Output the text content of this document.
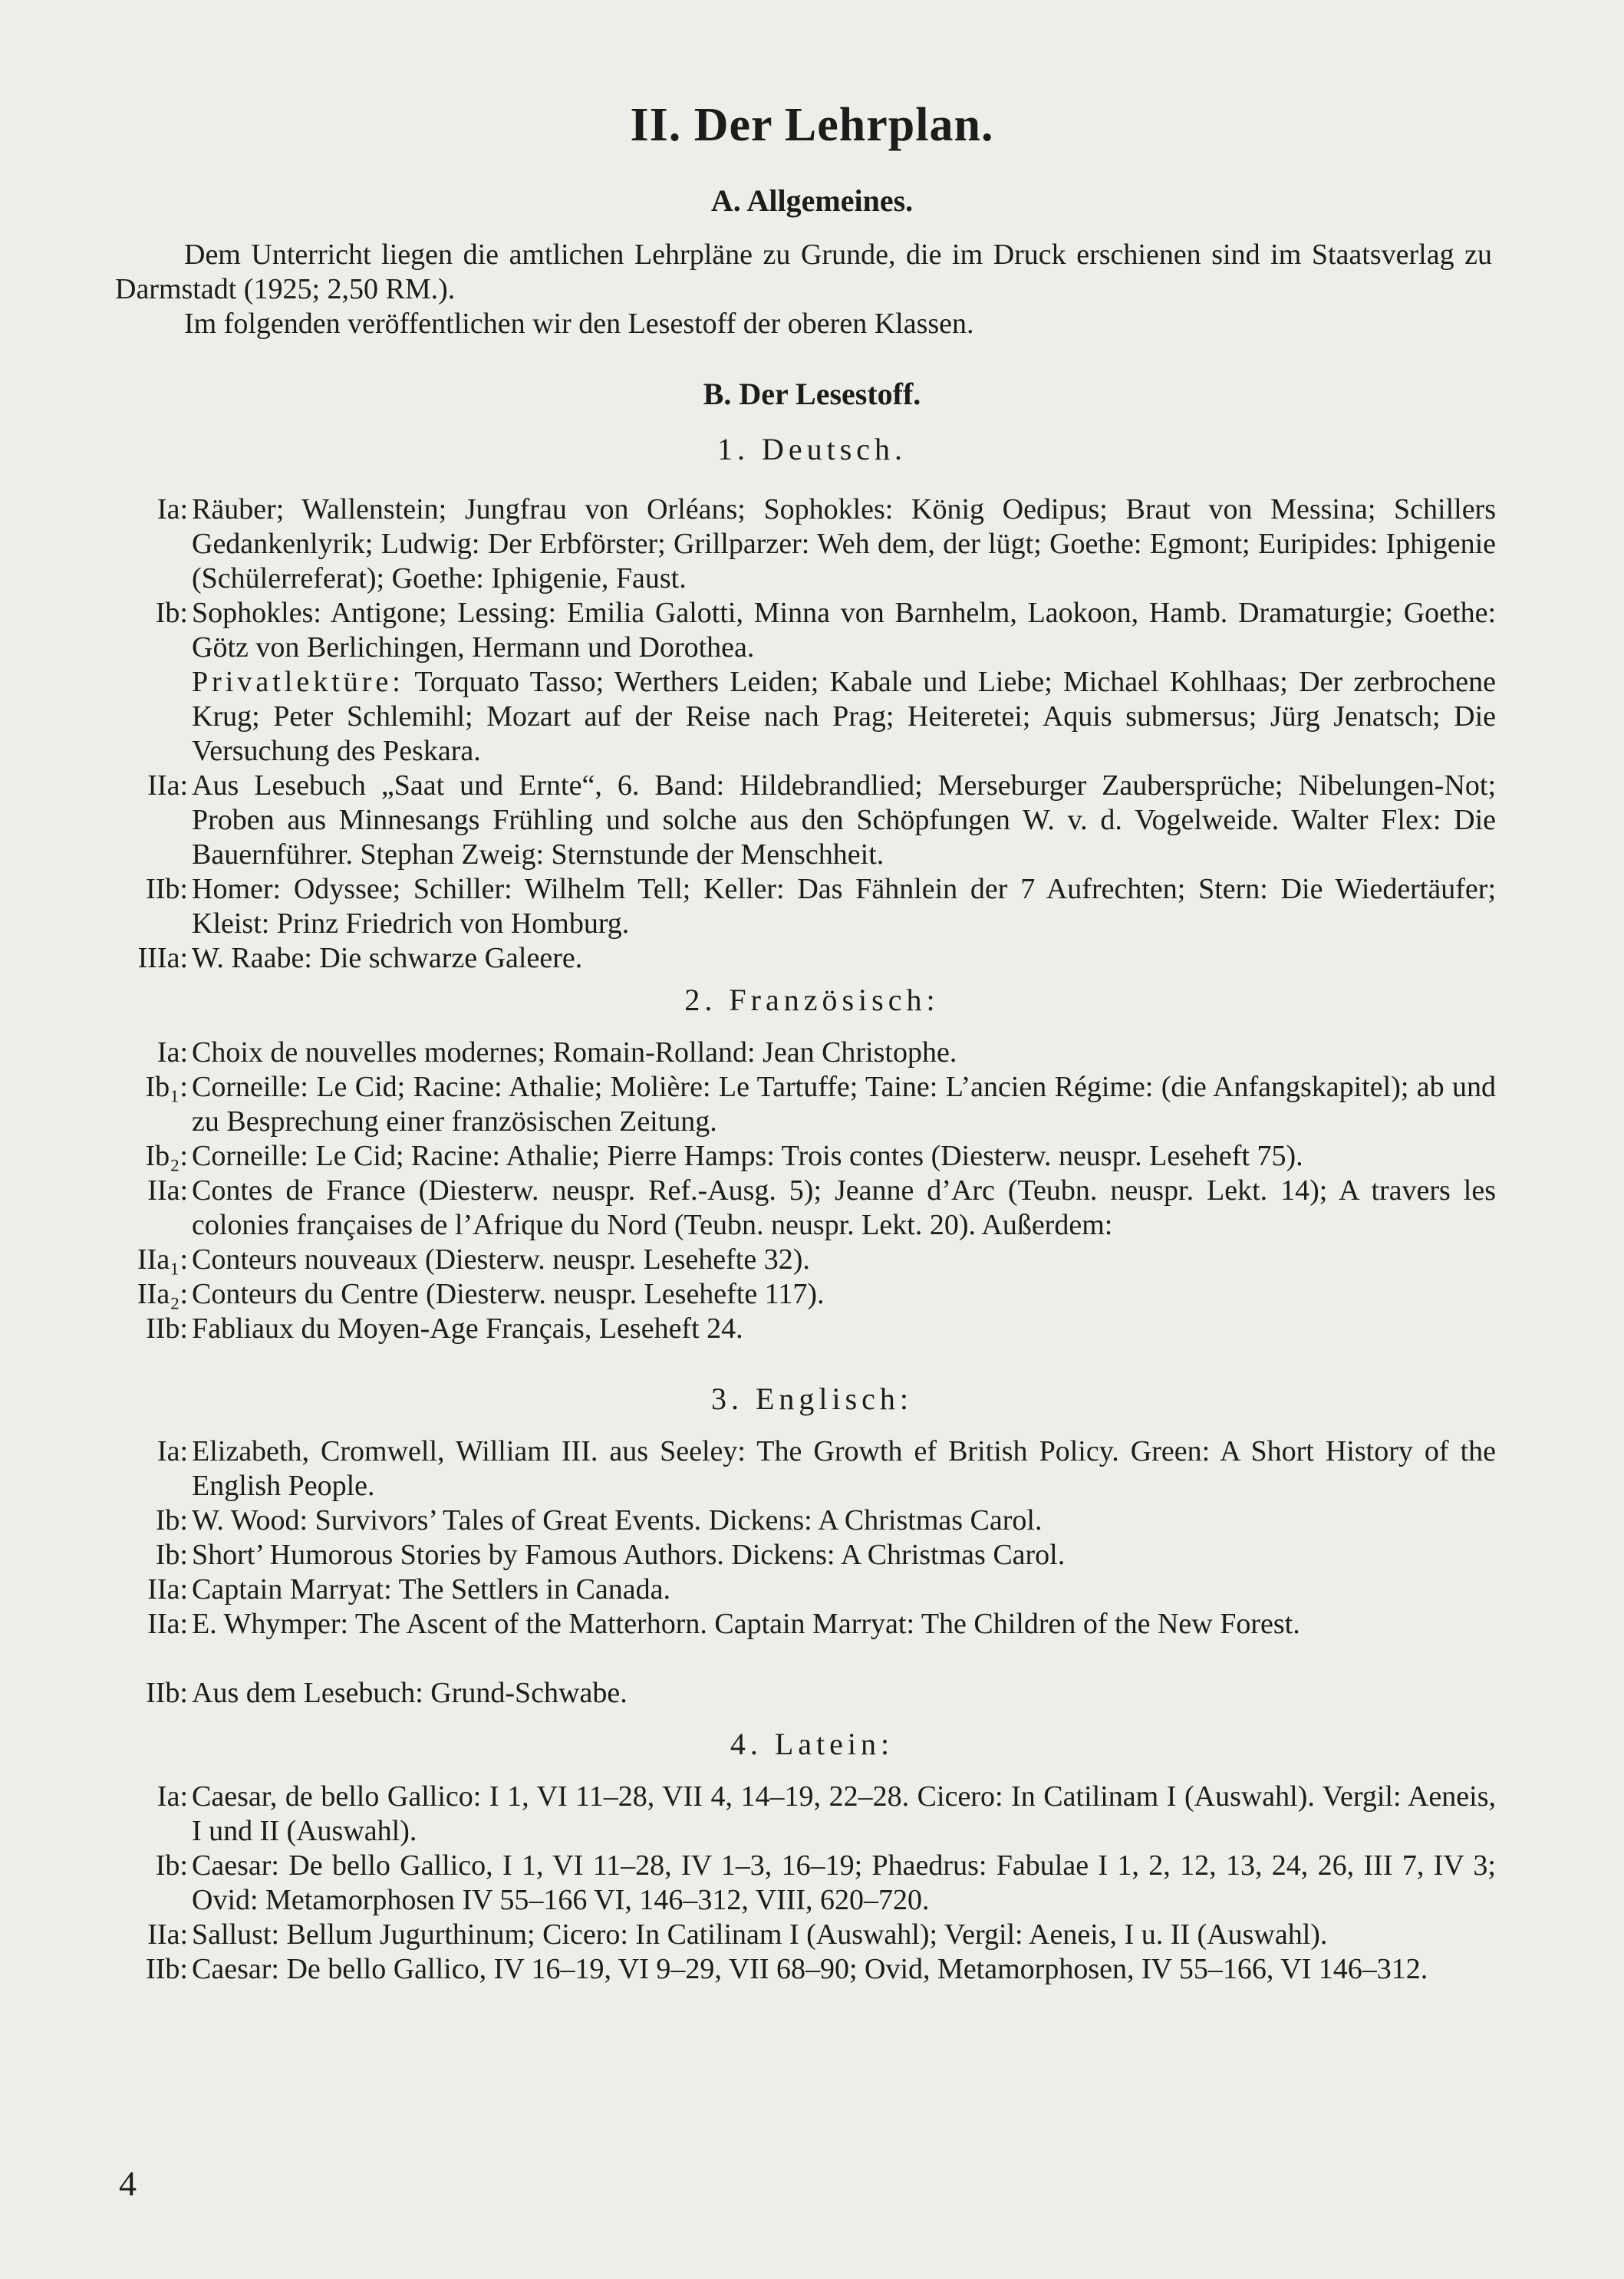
II. Der Lehrplan.
A. Allgemeines.
Dem Unterricht liegen die amtlichen Lehrpläne zu Grunde, die im Druck erschienen sind im Staatsverlag zu Darmstadt (1925; 2,50 RM.).
Im folgenden veröffentlichen wir den Lesestoff der oberen Klassen.
B. Der Lesestoff.
1. Deutsch.
Ia: Räuber; Wallenstein; Jungfrau von Orléans; Sophokles: König Oedipus; Braut von Messina; Schillers Gedankenlyrik; Ludwig: Der Erbförster; Grillparzer: Weh dem, der lügt; Goethe: Egmont; Euripides: Iphigenie (Schülerreferat); Goethe: Iphigenie, Faust.
Ib: Sophokles: Antigone; Lessing: Emilia Galotti, Minna von Barnhelm, Laokoon, Hamb. Dramaturgie; Goethe: Götz von Berlichingen, Hermann und Dorothea.
Privatlektüre: Torquato Tasso; Werthers Leiden; Kabale und Liebe; Michael Kohlhaas; Der zerbrochene Krug; Peter Schlemihl; Mozart auf der Reise nach Prag; Heiteretei; Aquis submersus; Jürg Jenatsch; Die Versuchung des Peskara.
IIa: Aus Lesebuch „Saat und Ernte“, 6. Band: Hildebrandlied; Merseburger Zaubersprüche; Nibelungen-Not; Proben aus Minnesangs Frühling und solche aus den Schöpfungen W. v. d. Vogelweide. Walter Flex: Die Bauernführer. Stephan Zweig: Sternstunde der Menschheit.
IIb: Homer: Odyssee; Schiller: Wilhelm Tell; Keller: Das Fähnlein der 7 Aufrechten; Stern: Die Wiedertäufer; Kleist: Prinz Friedrich von Homburg.
IIIa: W. Raabe: Die schwarze Galeere.
2. Französisch:
Ia: Choix de nouvelles modernes; Romain-Rolland: Jean Christophe.
Ib₁: Corneille: Le Cid; Racine: Athalie; Molière: Le Tartuffe; Taine: L’ancien Régime: (die Anfangskapitel); ab und zu Besprechung einer französischen Zeitung.
Ib₂: Corneille: Le Cid; Racine: Athalie; Pierre Hamps: Trois contes (Diesterw. neuspr. Leseheft 75).
IIa: Contes de France (Diesterw. neuspr. Ref.-Ausg. 5); Jeanne d’Arc (Teubn. neuspr. Lekt. 14); A travers les colonies françaises de l’Afrique du Nord (Teubn. neuspr. Lekt. 20). Außerdem:
IIa₁: Conteurs nouveaux (Diesterw. neuspr. Lesehefte 32).
IIa₂: Conteurs du Centre (Diesterw. neuspr. Lesehefte 117).
IIb: Fabliaux du Moyen-Age Français, Leseheft 24.
3. Englisch:
Ia: Elizabeth, Cromwell, William III. aus Seeley: The Growth ef British Policy. Green: A Short History of the English People.
Ib: W. Wood: Survivors’ Tales of Great Events. Dickens: A Christmas Carol.
Ib: Short’ Humorous Stories by Famous Authors. Dickens: A Christmas Carol.
IIa: Captain Marryat: The Settlers in Canada.
IIa: E. Whymper: The Ascent of the Matterhorn. Captain Marryat: The Children of the New Forest.
IIb: Aus dem Lesebuch: Grund-Schwabe.
4. Latein:
Ia: Caesar, de bello Gallico: I 1, VI 11–28, VII 4, 14–19, 22–28. Cicero: In Catilinam I (Auswahl). Vergil: Aeneis, I und II (Auswahl).
Ib: Caesar: De bello Gallico, I 1, VI 11–28, IV 1–3, 16–19; Phaedrus: Fabulae I 1, 2, 12, 13, 24, 26, III 7, IV 3; Ovid: Metamorphosen IV 55–166 VI, 146–312, VIII, 620–720.
IIa: Sallust: Bellum Jugurthinum; Cicero: In Catilinam I (Auswahl); Vergil: Aeneis, I u. II (Auswahl).
IIb: Caesar: De bello Gallico, IV 16–19, VI 9–29, VII 68–90; Ovid, Metamorphosen, IV 55–166, VI 146–312.
4
